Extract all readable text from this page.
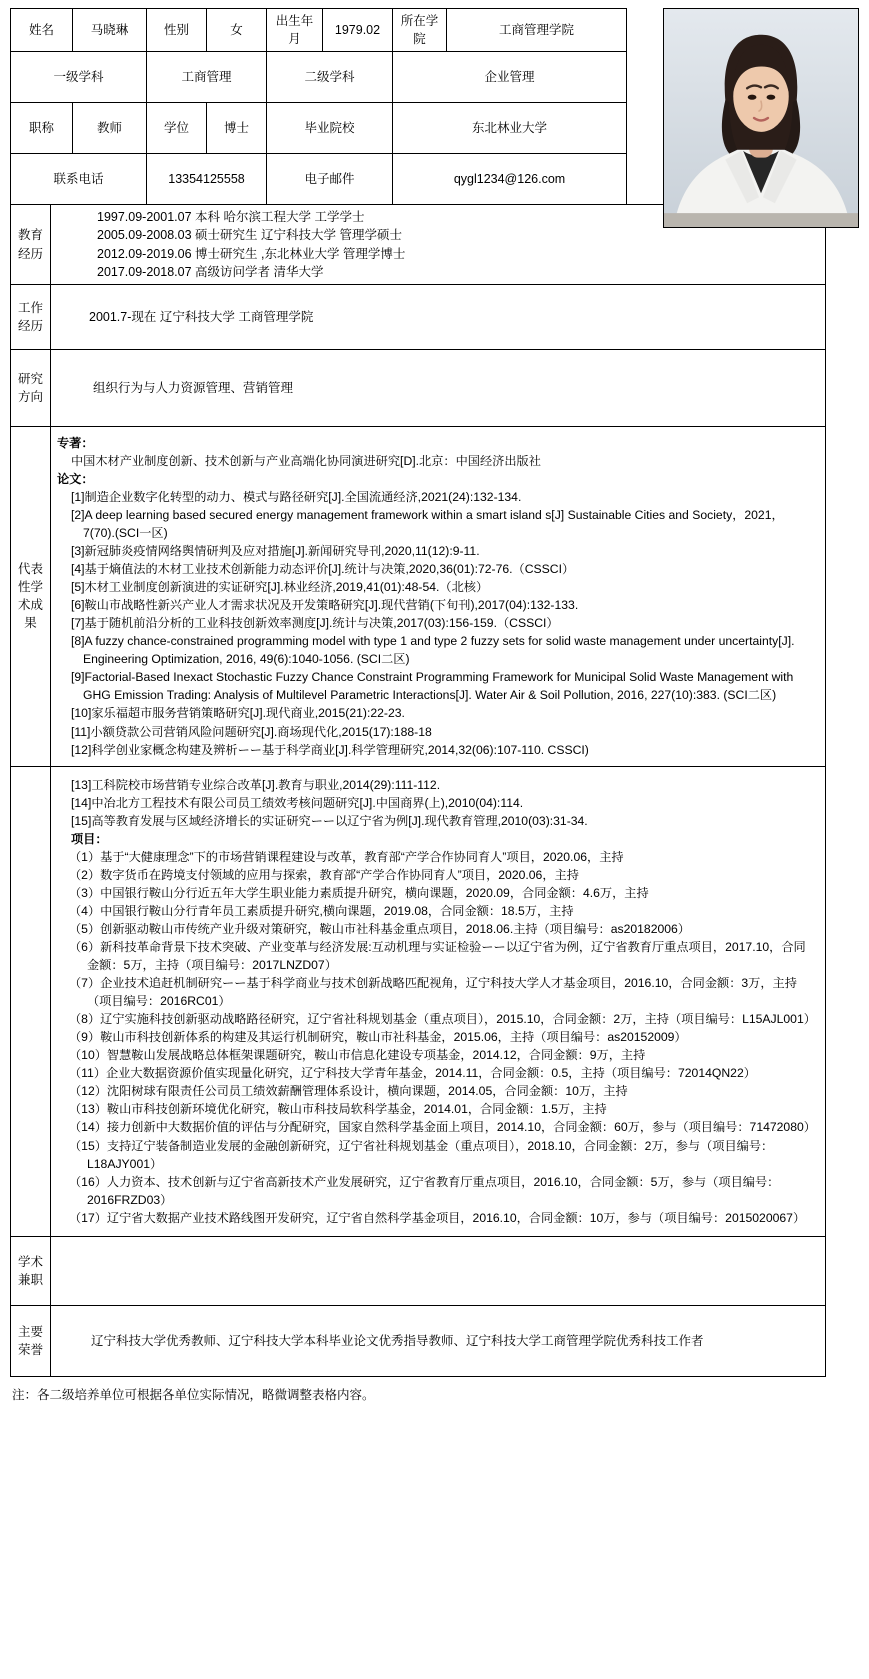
姓名	马晓琳	性别	女	出生年月	1979.02	所在学院	工商管理学院
一级学科		工商管理		二级学科		企业管理	
职称	教师	学位	博士	毕业院校		东北林业大学	
联系电话		13354125558		电子邮件		qygl1234@126.com	
教育经历	1997.09-2001.07 本科 哈尔滨工程大学 工学学士
2005.09-2008.03 硕士研究生 辽宁科技大学 管理学硕士
2012.09-2019.06 博士研究生 ,东北林业大学 管理学博士
2017.09-2018.07 高级访问学者 清华大学

工作经历	2001.7-现在 辽宁科技大学 工商管理学院

研究方向	组织行为与人力资源管理、营销管理

代表性学术成果	
专著：
中国木材产业制度创新、技术创新与产业高端化协同演进研究[D].北京：中国经济出版社
论文：
[1]制造企业数字化转型的动力、模式与路径研究[J].全国流通经济,2021(24):132-134.
[2]A deep learning based secured energy management framework within a smart island s[J] Sustainable Cities and Society，2021，7(70).(SCI一区)
[3]新冠肺炎疫情网络舆情研判及应对措施[J].新闻研究导刊,2020,11(12):9-11.
[4]基于熵值法的木材工业技术创新能力动态评价[J].统计与决策,2020,36(01):72-76.（CSSCI）
[5]木材工业制度创新演进的实证研究[J].林业经济,2019,41(01):48-54.（北核）
[6]鞍山市战略性新兴产业人才需求状况及开发策略研究[J].现代营销(下旬刊),2017(04):132-133.
[7]基于随机前沿分析的工业科技创新效率测度[J].统计与决策,2017(03):156-159.（CSSCI）
[8]A fuzzy chance-constrained programming model with type 1 and type 2 fuzzy sets for solid waste management under uncertainty[J]. Engineering Optimization, 2016, 49(6):1040-1056. (SCI二区)
[9]Factorial-Based Inexact Stochastic Fuzzy Chance Constraint Programming Framework for Municipal Solid Waste Management with GHG Emission Trading: Analysis of Multilevel Parametric Interactions[J]. Water Air & Soil Pollution, 2016, 227(10):383. (SCI二区)
[10]家乐福超市服务营销策略研究[J].现代商业,2015(21):22-23.
[11]小额贷款公司营销风险问题研究[J].商场现代化,2015(17):188-18
[12]科学创业家概念构建及辨析ーー基于科学商业[J].科学管理研究,2014,32(06):107-110. CSSCI)

[13]工科院校市场营销专业综合改革[J].教育与职业,2014(29):111-112.
[14]中冶北方工程技术有限公司员工绩效考核问题研究[J].中国商界(上),2010(04):114.
[15]高等教育发展与区域经济增长的实证研究ーー以辽宁省为例[J].现代教育管理,2010(03):31-34.
项目：
（1）基于“大健康理念”下的市场营销课程建设与改革，教育部“产学合作协同育人”项目，2020.06，主持
（2）数字货币在跨境支付领域的应用与探索，教育部“产学合作协同育人”项目，2020.06，主持
（3）中国银行鞍山分行近五年大学生职业能力素质提升研究，横向课题，2020.09，合同金额：4.6万，主持
（4）中国银行鞍山分行青年员工素质提升研究,横向课题，2019.08，合同金额：18.5万，主持
（5）创新驱动鞍山市传统产业升级对策研究，鞍山市社科基金重点项目，2018.06.主持（项目编号：as20182006）
（6）新科技革命背景下技术突破、产业变革与经济发展:互动机理与实证检验ーー以辽宁省为例，辽宁省教育厅重点项目，2017.10，合同金额：5万，主持（项目编号：2017LNZD07）
（7）企业技术追赶机制研究ーー基于科学商业与技术创新战略匹配视角，辽宁科技大学人才基金项目，2016.10，合同金额：3万，主持（项目编号：2016RC01）
（8）辽宁实施科技创新驱动战略路径研究，辽宁省社科规划基金（重点项目），2015.10，合同金额：2万，主持（项目编号：L15AJL001）
（9）鞍山市科技创新体系的构建及其运行机制研究，鞍山市社科基金，2015.06，主持（项目编号：as20152009）
（10）智慧鞍山发展战略总体框架课题研究，鞍山市信息化建设专项基金，2014.12，合同金额：9万，主持
（11）企业大数据资源价值实现量化研究，辽宁科技大学青年基金，2014.11，合同金额：0.5，主持（项目编号：72014QN22）
（12）沈阳树球有限责任公司员工绩效薪酬管理体系设计，横向课题，2014.05，合同金额：10万，主持
（13）鞍山市科技创新环境优化研究，鞍山市科技局软科学基金，2014.01，合同金额：1.5万，主持
（14）接力创新中大数据价值的评估与分配研究，国家自然科学基金面上项目，2014.10，合同金额：60万，参与（项目编号：71472080）
（15）支持辽宁装备制造业发展的金融创新研究，辽宁省社科规划基金（重点项目），2018.10，合同金额：2万，参与（项目编号：L18AJY001）
（16）人力资本、技术创新与辽宁省高新技术产业发展研究，辽宁省教育厅重点项目，2016.10，合同金额：5万，参与（项目编号：2016FRZD03）
（17）辽宁省大数据产业技术路线图开发研究，辽宁省自然科学基金项目，2016.10，合同金额：10万，参与（项目编号：2015020067）

学术兼职	
主要荣誉	辽宁科技大学优秀教师、辽宁科技大学本科毕业论文优秀指导教师、辽宁科技大学工商管理学院优秀科技工作者
注：各二级培养单位可根据各单位实际情况，略微调整表格内容。
